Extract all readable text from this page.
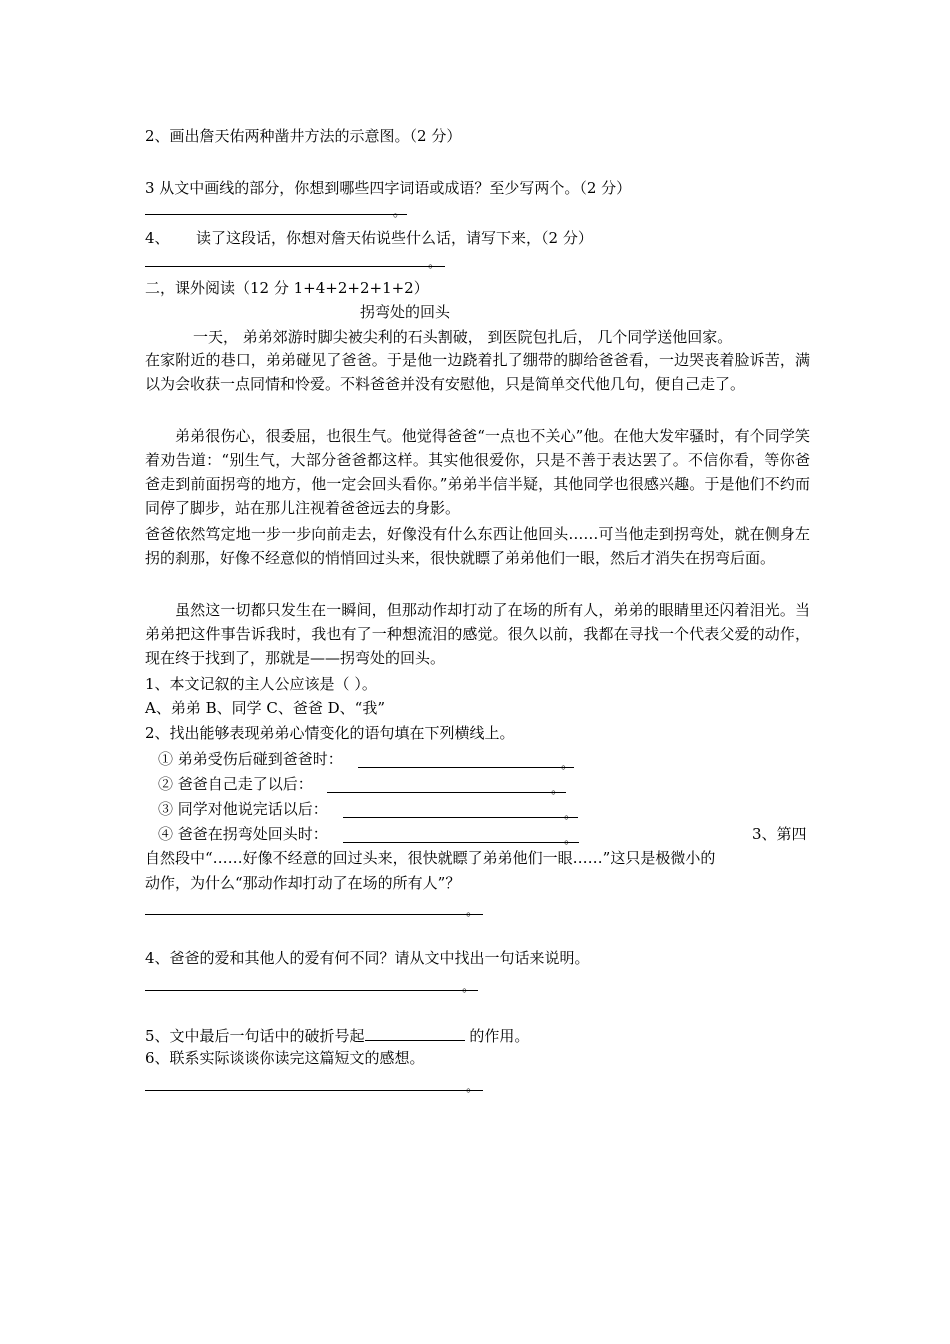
2、画出詹天佑两种凿井方法的示意图。（2 分）
3 从文中画线的部分，你想到哪些四字词语或成语？至少写两个。（2 分）
。
4、 读了这段话，你想对詹天佑说些什么话，请写下来，（2 分）
。
二，课外阅读（12 分 1+4+2+2+1+2）
拐弯处的回头
一天， 弟弟郊游时脚尖被尖利的石头割破， 到医院包扎后， 几个同学送他回家。
在家附近的巷口，弟弟碰见了爸爸。于是他一边跷着扎了绷带的脚给爸爸看，一边哭丧着脸诉苦，满以为会收获一点同情和怜爱。不料爸爸并没有安慰他，只是简单交代他几句，便自己走了。
弟弟很伤心，很委屈，也很生气。他觉得爸爸“一点也不关心”他。在他大发牢骚时，有个同学笑着劝告道：“别生气，大部分爸爸都这样。其实他很爱你，只是不善于表达罢了。不信你看，等你爸爸走到前面拐弯的地方，他一定会回头看你。”弟弟半信半疑，其他同学也很感兴趣。于是他们不约而同停了脚步，站在那儿注视着爸爸远去的身影。
爸爸依然笃定地一步一步向前走去，好像没有什么东西让他回头……可当他走到拐弯处，就在侧身左拐的刹那，好像不经意似的悄悄回过头来，很快就瞟了弟弟他们一眼，然后才消失在拐弯后面。
虽然这一切都只发生在一瞬间，但那动作却打动了在场的所有人，弟弟的眼睛里还闪着泪光。当弟弟把这件事告诉我时，我也有了一种想流泪的感觉。很久以前，我都在寻找一个代表父爱的动作，现在终于找到了，那就是——拐弯处的回头。
1、本文记叙的主人公应该是（ ）。
A、弟弟 B、同学 C、爸爸 D、“我”
2、找出能够表现弟弟心情变化的语句填在下列横线上。
① 弟弟受伤后碰到爸爸时：	。
② 爸爸自己走了以后：	。
③ 同学对他说完话以后：	。
④ 爸爸在拐弯处回头时：	。	3、第四
自然段中“……好像不经意的回过头来，很快就瞟了弟弟他们一眼……”这只是极微小的
动作，为什么“那动作却打动了在场的所有人”？
。
4、爸爸的爱和其他人的爱有何不同？请从文中找出一句话来说明。
。
5、文中最后一句话中的破折号起	的作用。
6、联系实际谈谈你读完这篇短文的感想。
。
